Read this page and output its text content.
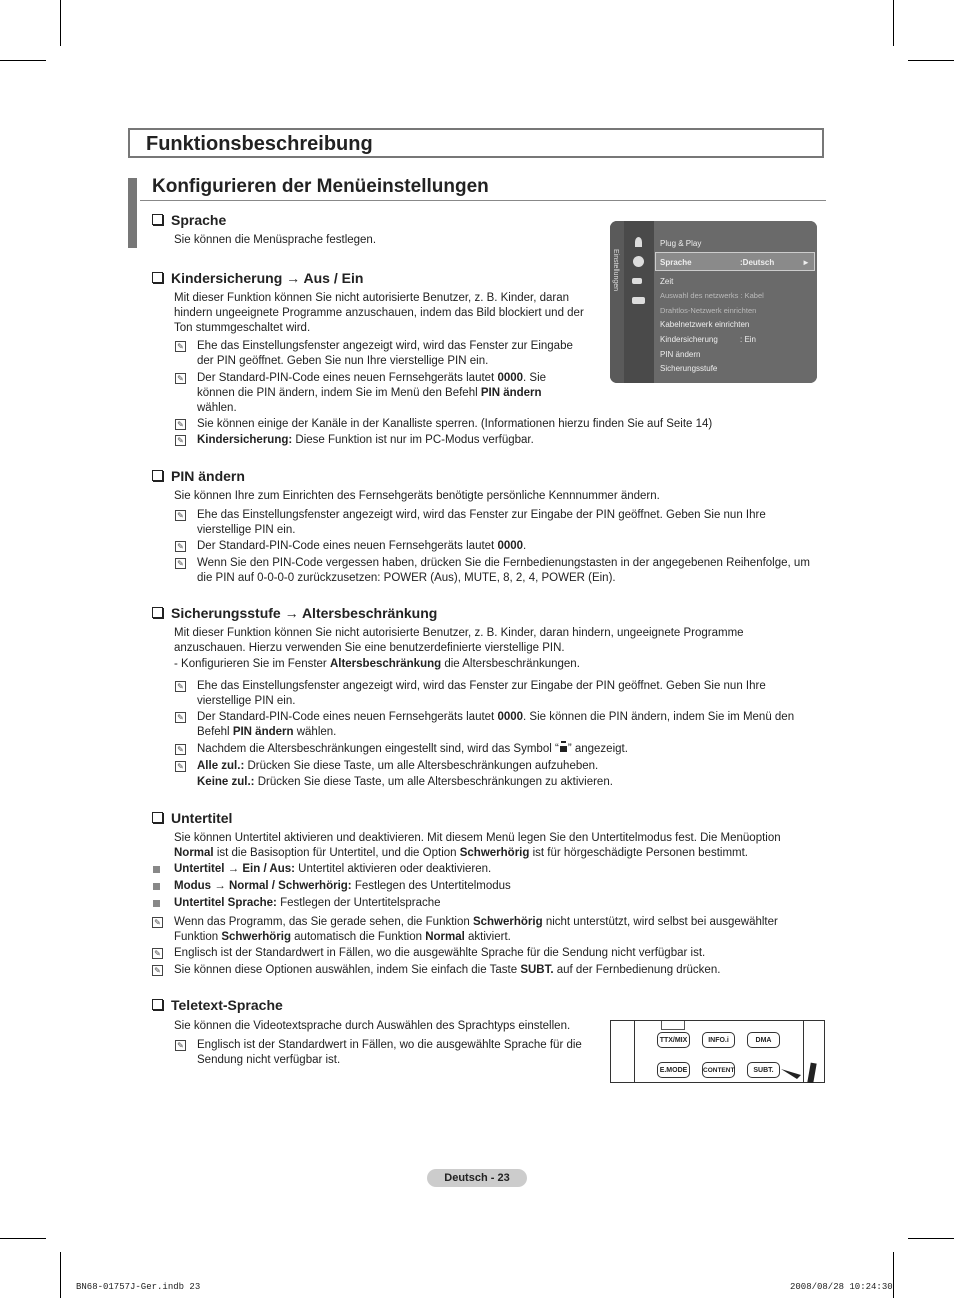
Funktionsbeschreibung
Konfigurieren der Menüeinstellungen
Sprache
Sie können die Menüsprache festlegen.
Kindersicherung → Aus / Ein
Mit dieser Funktion können Sie nicht autorisierte Benutzer, z. B. Kinder, daran hindern ungeeignete Programme anzuschauen, indem das Bild blockiert und der Ton stummgeschaltet wird.
✎ Ehe das Einstellungsfenster angezeigt wird, wird das Fenster zur Eingabe der PIN geöffnet. Geben Sie nun Ihre vierstellige PIN ein.
✎ Der Standard-PIN-Code eines neuen Fernsehgeräts lautet 0000. Sie können die PIN ändern, indem Sie im Menü den Befehl PIN ändern wählen.
✎ Sie können einige der Kanäle in der Kanalliste sperren. (Informationen hierzu finden Sie auf Seite 14)
✎ Kindersicherung: Diese Funktion ist nur im PC-Modus verfügbar.
Einstellungen
Plug & Play
Sprache	:Deutsch	►
Zeit
Auswahl des netzwerks : Kabel
Drahtlos-Netzwerk einrichten
Kabelnetzwerk einrichten
Kindersicherung	: Ein
PIN ändern
Sicherungsstufe
PIN ändern
Sie können Ihre zum Einrichten des Fernsehgeräts benötigte persönliche Kennnummer ändern.
✎ Ehe das Einstellungsfenster angezeigt wird, wird das Fenster zur Eingabe der PIN geöffnet. Geben Sie nun Ihre vierstellige PIN ein.
✎ Der Standard-PIN-Code eines neuen Fernsehgeräts lautet 0000.
✎ Wenn Sie den PIN-Code vergessen haben, drücken Sie die Fernbedienungstasten in der angegebenen Reihenfolge, um die PIN auf 0-0-0-0 zurückzusetzen: POWER (Aus), MUTE, 8, 2, 4, POWER (Ein).
Sicherungsstufe → Altersbeschränkung
Mit dieser Funktion können Sie nicht autorisierte Benutzer, z. B. Kinder, daran hindern, ungeeignete Programme anzuschauen. Hierzu verwenden Sie eine benutzerdefinierte vierstellige PIN.
- Konfigurieren Sie im Fenster Altersbeschränkung die Altersbeschränkungen.
✎ Ehe das Einstellungsfenster angezeigt wird, wird das Fenster zur Eingabe der PIN geöffnet. Geben Sie nun Ihre vierstellige PIN ein.
✎ Der Standard-PIN-Code eines neuen Fernsehgeräts lautet 0000. Sie können die PIN ändern, indem Sie im Menü den Befehl PIN ändern wählen.
✎ Nachdem die Altersbeschränkungen eingestellt sind, wird das Symbol “ ” angezeigt.
✎ Alle zul.: Drücken Sie diese Taste, um alle Altersbeschränkungen aufzuheben.
Keine zul.: Drücken Sie diese Taste, um alle Altersbeschränkungen zu aktivieren.
Untertitel
Sie können Untertitel aktivieren und deaktivieren. Mit diesem Menü legen Sie den Untertitelmodus fest. Die Menüoption Normal ist die Basisoption für Untertitel, und die Option Schwerhörig ist für hörgeschädigte Personen bestimmt.
Untertitel → Ein / Aus: Untertitel aktivieren oder deaktivieren.
Modus → Normal / Schwerhörig: Festlegen des Untertitelmodus
Untertitel Sprache: Festlegen der Untertitelsprache
✎ Wenn das Programm, das Sie gerade sehen, die Funktion Schwerhörig nicht unterstützt, wird selbst bei ausgewählter Funktion Schwerhörig automatisch die Funktion Normal aktiviert.
✎ Englisch ist der Standardwert in Fällen, wo die ausgewählte Sprache für die Sendung nicht verfügbar ist.
✎ Sie können diese Optionen auswählen, indem Sie einfach die Taste SUBT. auf der Fernbedienung drücken.
Teletext-Sprache
Sie können die Videotextsprache durch Auswählen des Sprachtyps einstellen.
✎ Englisch ist der Standardwert in Fällen, wo die ausgewählte Sprache für die Sendung nicht verfügbar ist.
TTX/MIX	INFO.i	DMA
E.MODE	CONTENT	SUBT.
Deutsch - 23
BN68-01757J-Ger.indb 23	2008/08/28 10:24:30
